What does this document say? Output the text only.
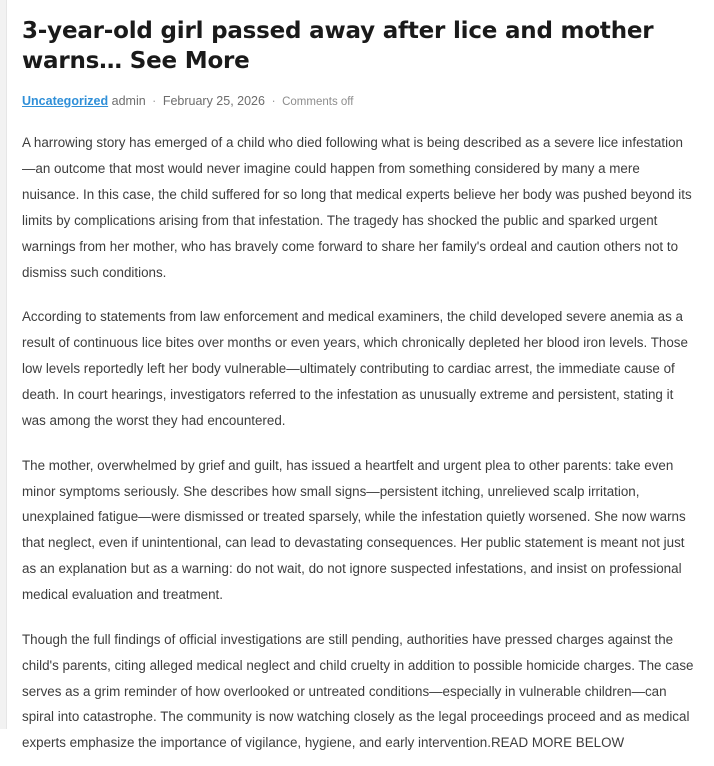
3-year-old girl passed away after lice and mother warns… See More
Uncategorized admin · February 25, 2026 · Comments off

A harrowing story has emerged of a child who died following what is being described as a severe lice infestation—an outcome that most would never imagine could happen from something considered by many a mere nuisance. In this case, the child suffered for so long that medical experts believe her body was pushed beyond its limits by complications arising from that infestation. The tragedy has shocked the public and sparked urgent warnings from her mother, who has bravely come forward to share her family's ordeal and caution others not to dismiss such conditions.

According to statements from law enforcement and medical examiners, the child developed severe anemia as a result of continuous lice bites over months or even years, which chronically depleted her blood iron levels. Those low levels reportedly left her body vulnerable—ultimately contributing to cardiac arrest, the immediate cause of death. In court hearings, investigators referred to the infestation as unusually extreme and persistent, stating it was among the worst they had encountered.

The mother, overwhelmed by grief and guilt, has issued a heartfelt and urgent plea to other parents: take even minor symptoms seriously. She describes how small signs—persistent itching, unrelieved scalp irritation, unexplained fatigue—were dismissed or treated sparsely, while the infestation quietly worsened. She now warns that neglect, even if unintentional, can lead to devastating consequences. Her public statement is meant not just as an explanation but as a warning: do not wait, do not ignore suspected infestations, and insist on professional medical evaluation and treatment.

Though the full findings of official investigations are still pending, authorities have pressed charges against the child's parents, citing alleged medical neglect and child cruelty in addition to possible homicide charges. The case serves as a grim reminder of how overlooked or untreated conditions—especially in vulnerable children—can spiral into catastrophe. The community is now watching closely as the legal proceedings proceed and as medical experts emphasize the importance of vigilance, hygiene, and early intervention.READ MORE BELOW
